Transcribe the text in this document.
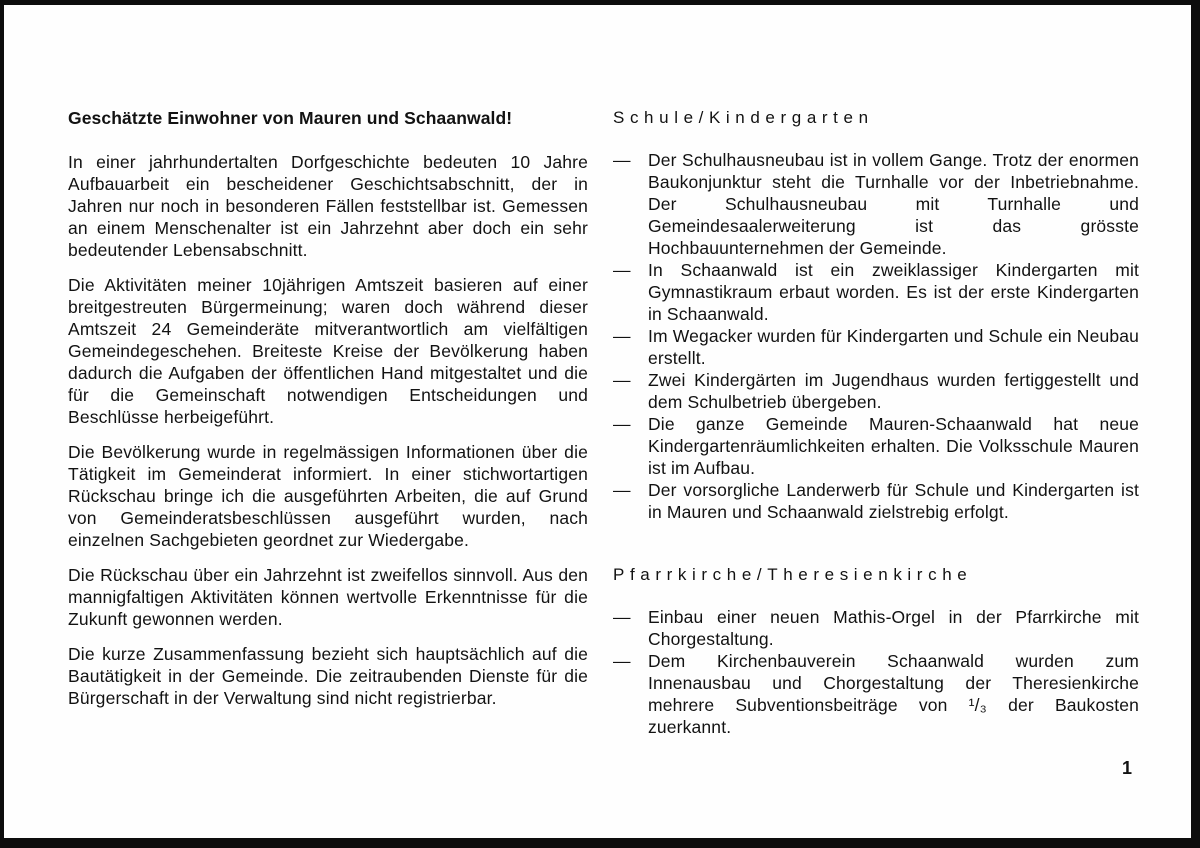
Geschätzte Einwohner von Mauren und Schaanwald!

In einer jahrhundertalten Dorfgeschichte bedeuten 10 Jahre Aufbauarbeit ein bescheidener Geschichtsabschnitt, der in Jahren nur noch in besonderen Fällen feststellbar ist. Gemessen an einem Menschenalter ist ein Jahrzehnt aber doch ein sehr bedeutender Lebensabschnitt.

Die Aktivitäten meiner 10jährigen Amtszeit basieren auf einer breitgestreuten Bürgermeinung; waren doch während dieser Amtszeit 24 Gemeinderäte mitverantwortlich am vielfältigen Gemeindegeschehen. Breiteste Kreise der Bevölkerung haben dadurch die Aufgaben der öffentlichen Hand mitgestaltet und die für die Gemeinschaft notwendigen Entscheidungen und Beschlüsse herbeigeführt.

Die Bevölkerung wurde in regelmässigen Informationen über die Tätigkeit im Gemeinderat informiert. In einer stichwortartigen Rückschau bringe ich die ausgeführten Arbeiten, die auf Grund von Gemeinderatsbeschlüssen ausgeführt wurden, nach einzelnen Sachgebieten geordnet zur Wiedergabe.

Die Rückschau über ein Jahrzehnt ist zweifellos sinnvoll. Aus den mannigfaltigen Aktivitäten können wertvolle Erkenntnisse für die Zukunft gewonnen werden.

Die kurze Zusammenfassung bezieht sich hauptsächlich auf die Bautätigkeit in der Gemeinde. Die zeitraubenden Dienste für die Bürgerschaft in der Verwaltung sind nicht registrierbar.

Schule/Kindergarten
—	Der Schulhausneubau ist in vollem Gange. Trotz der enormen Baukonjunktur steht die Turnhalle vor der Inbetriebnahme. Der Schulhausneubau mit Turnhalle und Gemeindesaalerweiterung ist das grösste Hochbauunternehmen der Gemeinde.
—	In Schaanwald ist ein zweiklassiger Kindergarten mit Gymnastikraum erbaut worden. Es ist der erste Kindergarten in Schaanwald.
—	Im Wegacker wurden für Kindergarten und Schule ein Neubau erstellt.
—	Zwei Kindergärten im Jugendhaus wurden fertiggestellt und dem Schulbetrieb übergeben.
—	Die ganze Gemeinde Mauren-Schaanwald hat neue Kindergartenräumlichkeiten erhalten. Die Volksschule Mauren ist im Aufbau.
—	Der vorsorgliche Landerwerb für Schule und Kindergarten ist in Mauren und Schaanwald zielstrebig erfolgt.
Pfarrkirche/Theresienkirche
—	Einbau einer neuen Mathis-Orgel in der Pfarrkirche mit Chorgestaltung.
—	Dem Kirchenbauverein Schaanwald wurden zum Innenausbau und Chorgestaltung der Theresienkirche mehrere Subventionsbeiträge von ¹/₃ der Baukosten zuerkannt.
1
